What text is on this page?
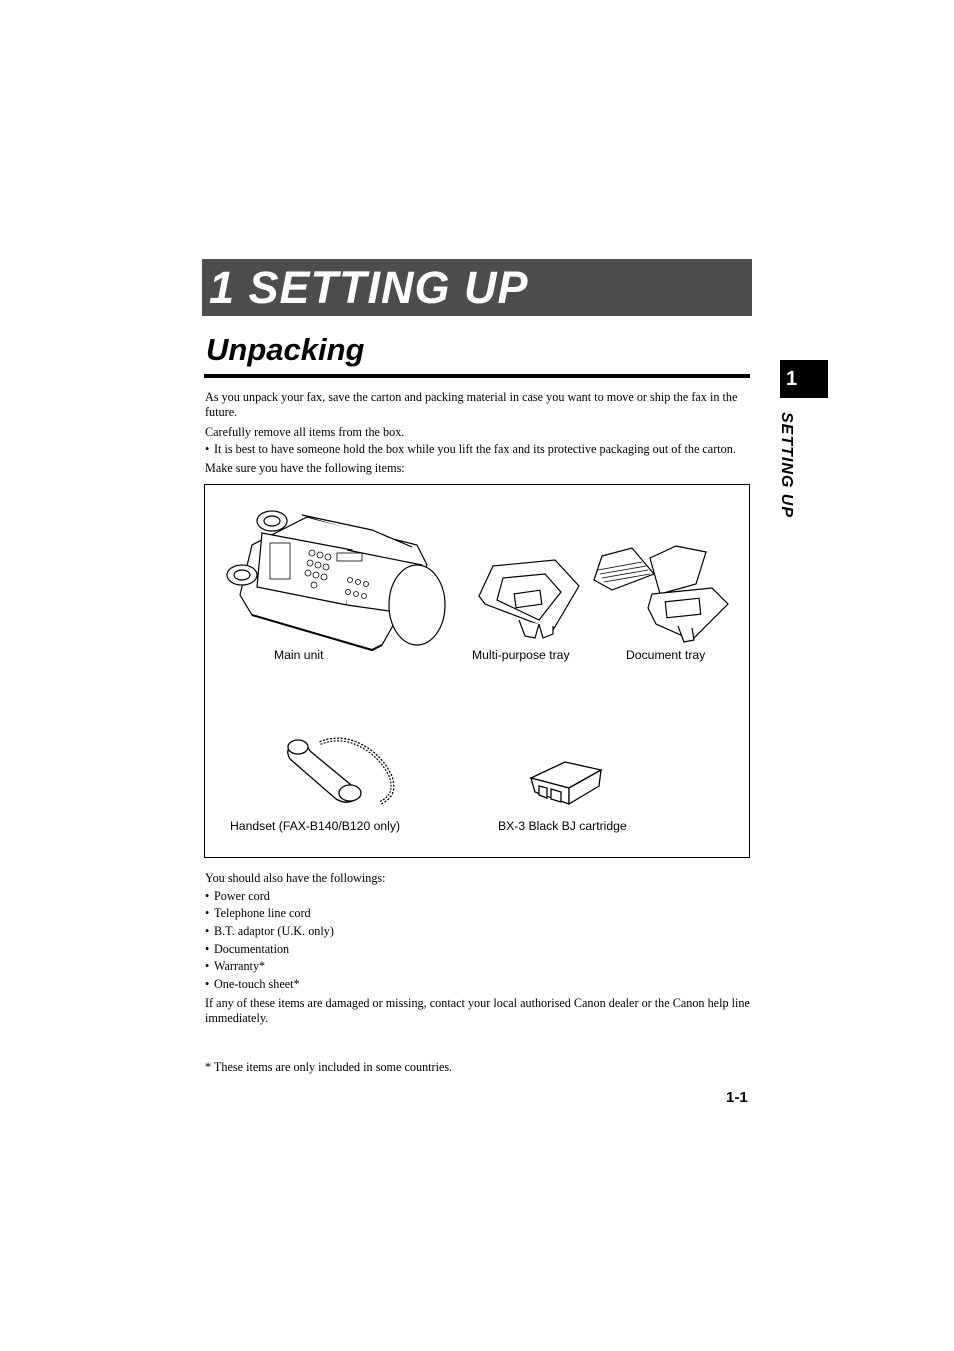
1 SETTING UP
Unpacking
1
SETTING UP

As you unpack your fax, save the carton and packing material in case you want to move or ship the fax in the future.

Carefully remove all items from the box.

• It is best to have someone hold the box while you lift the fax and its protective packaging out of the carton.

Make sure you have the following items:

Main unit	Multi-purpose tray	Document tray
Handset (FAX-B140/B120 only)	BX-3 Black BJ cartridge

You should also have the followings:

• Power cord
• Telephone line cord
• B.T. adaptor (U.K. only)
• Documentation
• Warranty*
• One-touch sheet*

If any of these items are damaged or missing, contact your local authorised Canon dealer or the Canon help line immediately.

* These items are only included in some countries.

1-1
